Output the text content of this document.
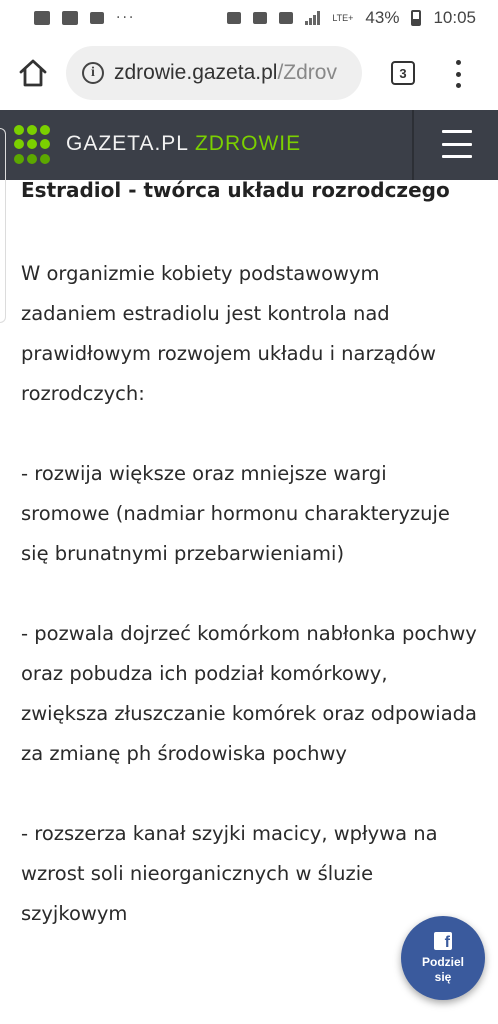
···	LTE+ 43% 10:05
i zdrowie.gazeta.pl/Zdrov	3
GAZETA.PL ZDROWIE
Estradiol - twórca układu rozrodczego

W organizmie kobiety podstawowym zadaniem estradiolu jest kontrola nad prawidłowym rozwojem układu i narządów rozrodczych:

- rozwija większe oraz mniejsze wargi sromowe (nadmiar hormonu charakteryzuje się brunatnymi przebarwieniami)

- pozwala dojrzeć komórkom nabłonka pochwy oraz pobudza ich podział komórkowy, zwiększa złuszczanie komórek oraz odpowiada za zmianę ph środowiska pochwy

- rozszerza kanał szyjki macicy, wpływa na wzrost soli nieorganicznych w śluzie szyjkowym

f
Podziel się
